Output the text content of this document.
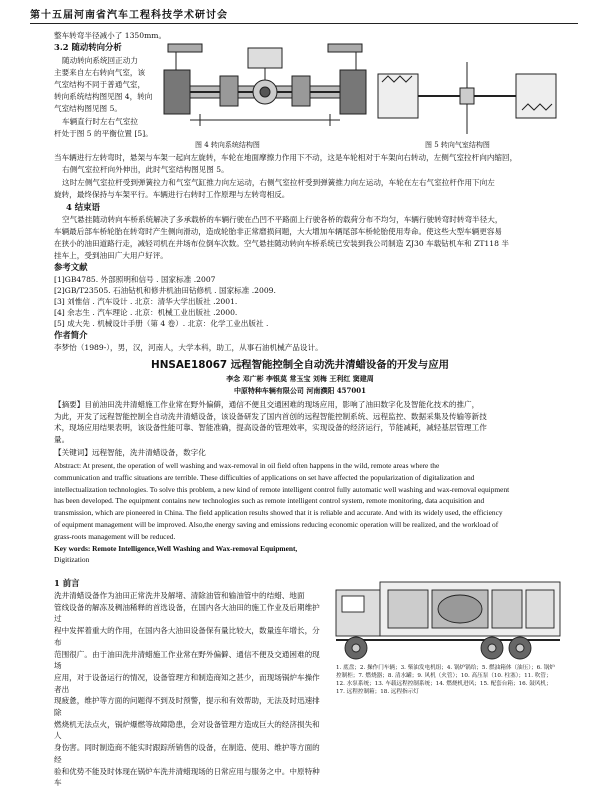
第十五届河南省汽车工程科技学术研讨会
整车转弯半径减小了 1350mm。
3.2 随动转向分析
随动转向系统回正动力
主要来自左右转向气室，该
气室结构不同于普通气室，
转向系统结构图见图 4，转向
气室结构图见图 5。
车辆直行时左右气室拉
杆处于图 5 的平衡位置 [5]。
图 4 转向系统结构图	图 5 转向气室结构图
当车辆进行左转弯时，悬架与车架一起向左旋转，车轮在地面摩擦力作用下不动，这是车轮相对于车架向右转动，左侧气室拉杆向内缩回，
右侧气室拉杆向外伸出，此时气室结构图见图 5。
这时左侧气室拉杆受到弹簧拉力和气室气缸推力向左运动，右侧气室拉杆受到弹簧推力向左运动，车轮在左右气室拉杆作用下向左
旋转，最终保持与车架平行。车辆进行右转时工作原理与左转弯相反。
4 结束语
空气悬挂随动转向车桥系统解决了多承载桥的车辆行驶在凸凹不平路面上行驶各桥的载荷分布不均匀，车辆行驶转弯时转弯半径大，
车辆最后部车桥轮胎在转弯时产生侧向滑动，造成轮胎非正常磨损问题，大大增加车辆尾部车桥轮胎使用寿命。使这些大型车辆更容易
在狭小的油田道路行走，减轻司机在井场布位倒车次数。空气悬挂随动转向车桥系统已安装到我公司制造 ZJ30 车载钻机车和 ZT118 半
挂车上，受到油田广大用户好评。
参考文献
[1]GB4785. 外部照明和信号 . 国家标准 .2007
[2]GB/T23505. 石油钻机和修井机油田钻修机 . 国家标准 .2009.
[3] 刘惟信 . 汽车设计 . 北京：清华大学出版社 .2001.
[4] 余志生 . 汽车理论 . 北京：机械工业出版社 .2000.
[5] 成大先 . 机械设计手册（第 4 卷）. 北京：化学工业出版社 .
作者简介
李梦怡（1989-），男，汉，河南人，大学本科，助工，从事石油机械产品设计。
HNSAE18067 远程智能控制全自动洗井清蜡设备的开发与应用
李念 邓广彬 李银莫 常玉宝 刘梅 王利红 窦建周
中原特种车辆有限公司 河南濮阳 457001
【摘要】目前油田洗井清蜡施工作业常在野外偏僻，通信不便且交通困难的现场应用，影响了油田数字化及智能化技术的推广，
为此，开发了远程智能控制全自动洗井清蜡设备，该设备研发了国内首创的远程智能控制系统、远程监控、数据采集及传输等新技
术，现场应用结果表明，该设备性能可靠、智能准确，提高设备的管理效率，实现设备的经济运行，节能减耗，减轻基层管理工作
量。
【关键词】远程智能，洗井清蜡设备，数字化
Abstract: At present, the operation of well washing and wax-removal in oil field often happens in the wild, remote areas where the
communication and traffic situations are terrible. These difficulties of applications on set have affected the popularization of digitalization and
intellectualization technologies. To solve this problem, a new kind of remote intelligent control fully automatic well washing and wax-removal equipment
has been developed. The equipment contains new technologies such as remote intelligent control system, remote monitoring, data acquisition and
transmission, which are pioneered in China. The field application results showed that it is reliable and accurate. And with its widely used, the efficiency
of equipment management will be improved. Also,the energy saving and emissions reducing economic operation will be realized, and the workload of
grass-roots management will be reduced.
Key words: Remote Intelligence,Well Washing and Wax-removal Equipment,
Digitization
1 前言
洗井清蜡设备作为油田正常洗井及解堵、清除油管和输油管中的结蜡、地面
管线设备的解冻及稠油稀释的首选设备，在国内各大油田的施工作业及后期维护过
程中发挥着重大的作用，在国内各大油田设备保有量比较大，数量连年增长，分布
范围很广。由于油田洗井清蜡施工作业常在野外偏僻、通信不便及交通困难的现场
应用，对于设备运行的情况，设备管理方和制造商知之甚少，而现场锅炉车操作者出
现疲惫，维护等方面的问题得不到及时预警，提示和有效帮助，无法及时迅速排除
燃烧机无法点火，锅炉爆燃等故障隐患，会对设备管理方造成巨大的经济损失和人
身伤害。同时制造商不能实时跟踪所销售的设备，在制造、使用、维护等方面的经
验和优势不能及时体现在锅炉车洗井清蜡现场的日常应用与服务之中。中原特种车
1. 底盘；2. 操作门车辆；3. 柴油发电机组；4. 锅炉锅给；5. 燃油箱体（油压）；6. 锅炉
控制柜；7. 燃烧器；8. 清水罐；9. 风机（火管）；10. 高压泵（10. 柱塞）；11. 吹管；
12. 水泵系统；13. 车载远程控制系统；14. 燃烧机进风；15. 配套台箱；16. 鼓风机；
17. 远程控制箱；18. 远程指示灯
